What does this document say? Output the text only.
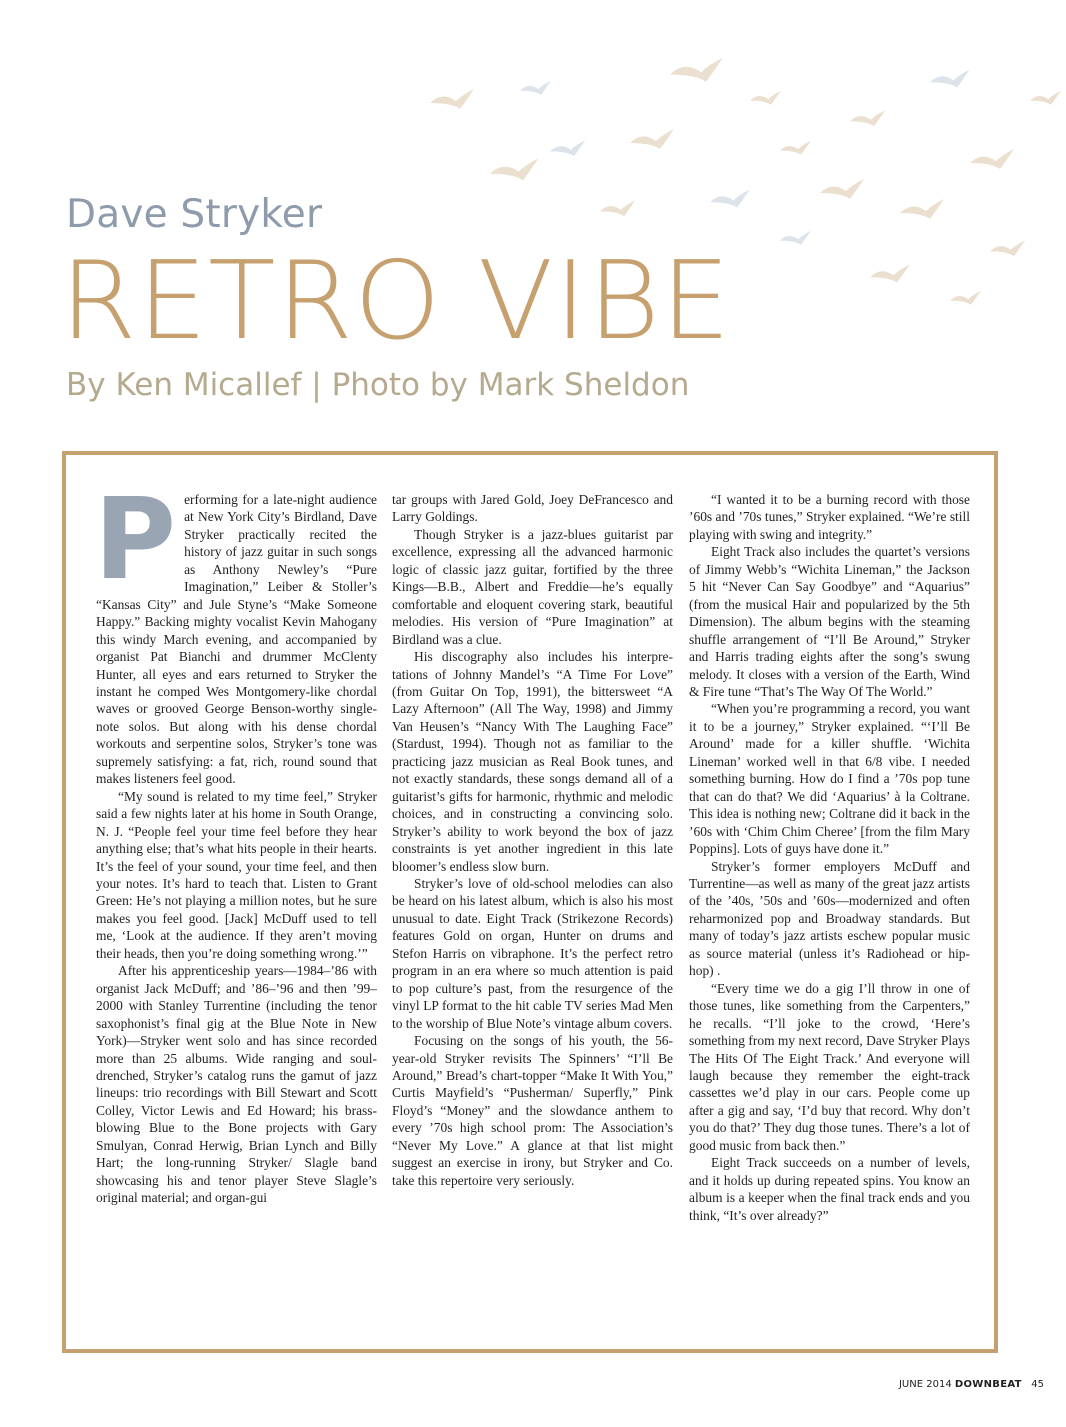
Dave Stryker
RETRO VIBE
By Ken Micallef | Photo by Mark Sheldon
P erforming for a late-night audience at New York City’s Birdland, Dave Stryker practically recited the history of jazz guitar in such songs as Anthony Newley’s “Pure Imagination,” Leiber & Stoller’s “Kansas City” and Jule Styne’s “Make Someone Happy.” Backing mighty vocalist Kevin Mahogany this windy March evening, and accompanied by organist Pat Bianchi and drummer McClenty Hunter, all eyes and ears returned to Stryker the instant he comped Wes Montgomery-like chordal waves or grooved George Benson-worthy single-note solos. But along with his dense chordal workouts and serpentine solos, Stryker’s tone was supremely satisfying: a fat, rich, round sound that makes listeners feel good.

“My sound is related to my time feel,” Stryker said a few nights later at his home in South Orange, N. J. “People feel your time feel before they hear anything else; that’s what hits people in their hearts. It’s the feel of your sound, your time feel, and then your notes. It’s hard to teach that. Listen to Grant Green: He’s not playing a million notes, but he sure makes you feel good. [Jack] McDuff used to tell me, ‘Look at the audience. If they aren’t moving their heads, then you’re doing something wrong.’”

After his apprenticeship years—1984–’86 with organist Jack McDuff; and ’86–’96 and then ’99–2000 with Stanley Turrentine (including the tenor saxophonist’s final gig at the Blue Note in New York)—Stryker went solo and has since recorded more than 25 albums. Wide ranging and soul-drenched, Stryker’s catalog runs the gamut of jazz lineups: trio recordings with Bill Stewart and Scott Colley, Victor Lewis and Ed Howard; his brass-blowing Blue to the Bone projects with Gary Smulyan, Conrad Herwig, Brian Lynch and Billy Hart; the long-running Stryker/ Slagle band showcasing his and tenor player Steve Slagle’s original material; and organ-gui

tar groups with Jared Gold, Joey DeFrancesco and Larry Goldings.

Though Stryker is a jazz-blues guitarist par excellence, expressing all the advanced harmonic logic of classic jazz guitar, fortified by the three Kings—B.B., Albert and Freddie—he’s equally comfortable and eloquent covering stark, beautiful melodies. His version of “Pure Imagination” at Birdland was a clue.

His discography also includes his interpretations of Johnny Mandel’s “A Time For Love” (from Guitar On Top, 1991), the bittersweet “A Lazy Afternoon” (All The Way, 1998) and Jimmy Van Heusen’s “Nancy With The Laughing Face” (Stardust, 1994). Though not as familiar to the practicing jazz musician as Real Book tunes, and not exactly standards, these songs demand all of a guitarist’s gifts for harmonic, rhythmic and melodic choices, and in constructing a convincing solo. Stryker’s ability to work beyond the box of jazz constraints is yet another ingredient in this late bloomer’s endless slow burn.

Stryker’s love of old-school melodies can also be heard on his latest album, which is also his most unusual to date. Eight Track (Strikezone Records) features Gold on organ, Hunter on drums and Stefon Harris on vibraphone. It’s the perfect retro program in an era where so much attention is paid to pop culture’s past, from the resurgence of the vinyl LP format to the hit cable TV series Mad Men to the worship of Blue Note’s vintage album covers.

Focusing on the songs of his youth, the 56-year-old Stryker revisits The Spinners’ “I’ll Be Around,” Bread’s chart-topper “Make It With You,” Curtis Mayfield’s “Pusherman/ Superfly,” Pink Floyd’s “Money” and the slowdance anthem to every ’70s high school prom: The Association’s “Never My Love.” A glance at that list might suggest an exercise in irony, but Stryker and Co. take this repertoire very seriously.

“I wanted it to be a burning record with those ’60s and ’70s tunes,” Stryker explained. “We’re still playing with swing and integrity.”

Eight Track also includes the quartet’s versions of Jimmy Webb’s “Wichita Lineman,” the Jackson 5 hit “Never Can Say Goodbye” and “Aquarius” (from the musical Hair and popularized by the 5th Dimension). The album begins with the steaming shuffle arrangement of “I’ll Be Around,” Stryker and Harris trading eights after the song’s swung melody. It closes with a version of the Earth, Wind & Fire tune “That’s The Way Of The World.”

“When you’re programming a record, you want it to be a journey,” Stryker explained. “‘I’ll Be Around’ made for a killer shuffle. ‘Wichita Lineman’ worked well in that 6/8 vibe. I needed something burning. How do I find a ’70s pop tune that can do that? We did ‘Aquarius’ à la Coltrane. This idea is nothing new; Coltrane did it back in the ’60s with ‘Chim Chim Cheree’ [from the film Mary Poppins]. Lots of guys have done it.”

Stryker’s former employers McDuff and Turrentine—as well as many of the great jazz artists of the ’40s, ’50s and ’60s—modernized and often reharmonized pop and Broadway standards. But many of today’s jazz artists eschew popular music as source material (unless it’s Radiohead or hip-hop) .

“Every time we do a gig I’ll throw in one of those tunes, like something from the Carpenters,” he recalls. “I’ll joke to the crowd, ‘Here’s something from my next record, Dave Stryker Plays The Hits Of The Eight Track.’ And everyone will laugh because they remember the eight-track cassettes we’d play in our cars. People come up after a gig and say, ‘I’d buy that record. Why don’t you do that?’ They dug those tunes. There’s a lot of good music from back then.”

Eight Track succeeds on a number of levels, and it holds up during repeated spins. You know an album is a keeper when the final track ends and you think, “It’s over already?”

JUNE 2014 DOWNBEAT 45
